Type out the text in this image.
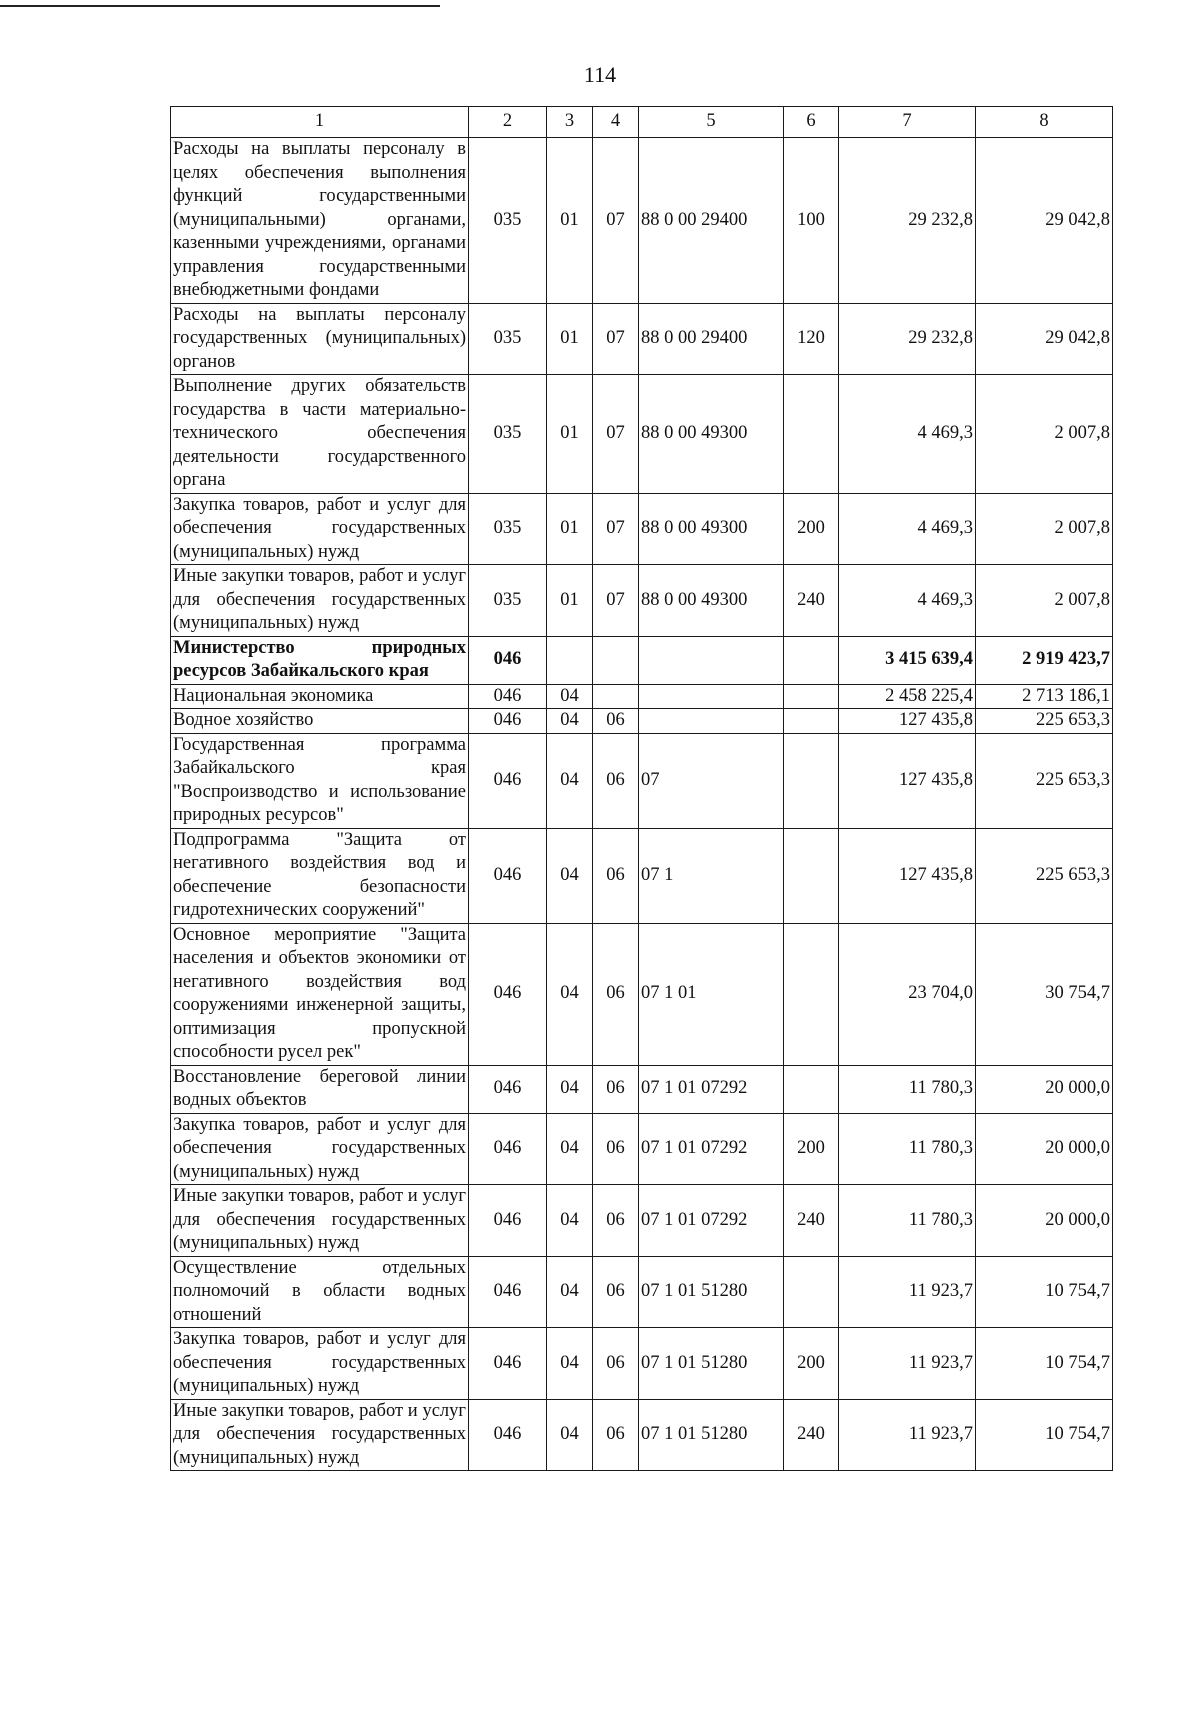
114
1	2	3	4	5	6	7	8
Расходы на выплаты персоналу в целях обеспечения выполнения функций государственными (муниципальными) органами, казенными учреждениями, органами управления государственными внебюджетными фондами	035	01	07	88 0 00 29400	100	29 232,8	29 042,8
Расходы на выплаты персоналу государственных (муниципальных) органов	035	01	07	88 0 00 29400	120	29 232,8	29 042,8
Выполнение других обязательств государства в части материально-технического обеспечения деятельности государственного органа	035	01	07	88 0 00 49300		4 469,3	2 007,8
Закупка товаров, работ и услуг для обеспечения государственных (муниципальных) нужд	035	01	07	88 0 00 49300	200	4 469,3	2 007,8
Иные закупки товаров, работ и услуг для обеспечения государственных (муниципальных) нужд	035	01	07	88 0 00 49300	240	4 469,3	2 007,8
Министерство природных ресурсов Забайкальского края	046					3 415 639,4	2 919 423,7
Национальная экономика	046	04				2 458 225,4	2 713 186,1
Водное хозяйство	046	04	06			127 435,8	225 653,3
Государственная программа Забайкальского края "Воспроизводство и использование природных ресурсов"	046	04	06	07		127 435,8	225 653,3
Подпрограмма "Защита от негативного воздействия вод и обеспечение безопасности гидротехнических сооружений"	046	04	06	07 1		127 435,8	225 653,3
Основное мероприятие "Защита населения и объектов экономики от негативного воздействия вод сооружениями инженерной защиты, оптимизация пропускной способности русел рек"	046	04	06	07 1 01		23 704,0	30 754,7
Восстановление береговой линии водных объектов	046	04	06	07 1 01 07292		11 780,3	20 000,0
Закупка товаров, работ и услуг для обеспечения государственных (муниципальных) нужд	046	04	06	07 1 01 07292	200	11 780,3	20 000,0
Иные закупки товаров, работ и услуг для обеспечения государственных (муниципальных) нужд	046	04	06	07 1 01 07292	240	11 780,3	20 000,0
Осуществление отдельных полномочий в области водных отношений	046	04	06	07 1 01 51280		11 923,7	10 754,7
Закупка товаров, работ и услуг для обеспечения государственных (муниципальных) нужд	046	04	06	07 1 01 51280	200	11 923,7	10 754,7
Иные закупки товаров, работ и услуг для обеспечения государственных (муниципальных) нужд	046	04	06	07 1 01 51280	240	11 923,7	10 754,7
